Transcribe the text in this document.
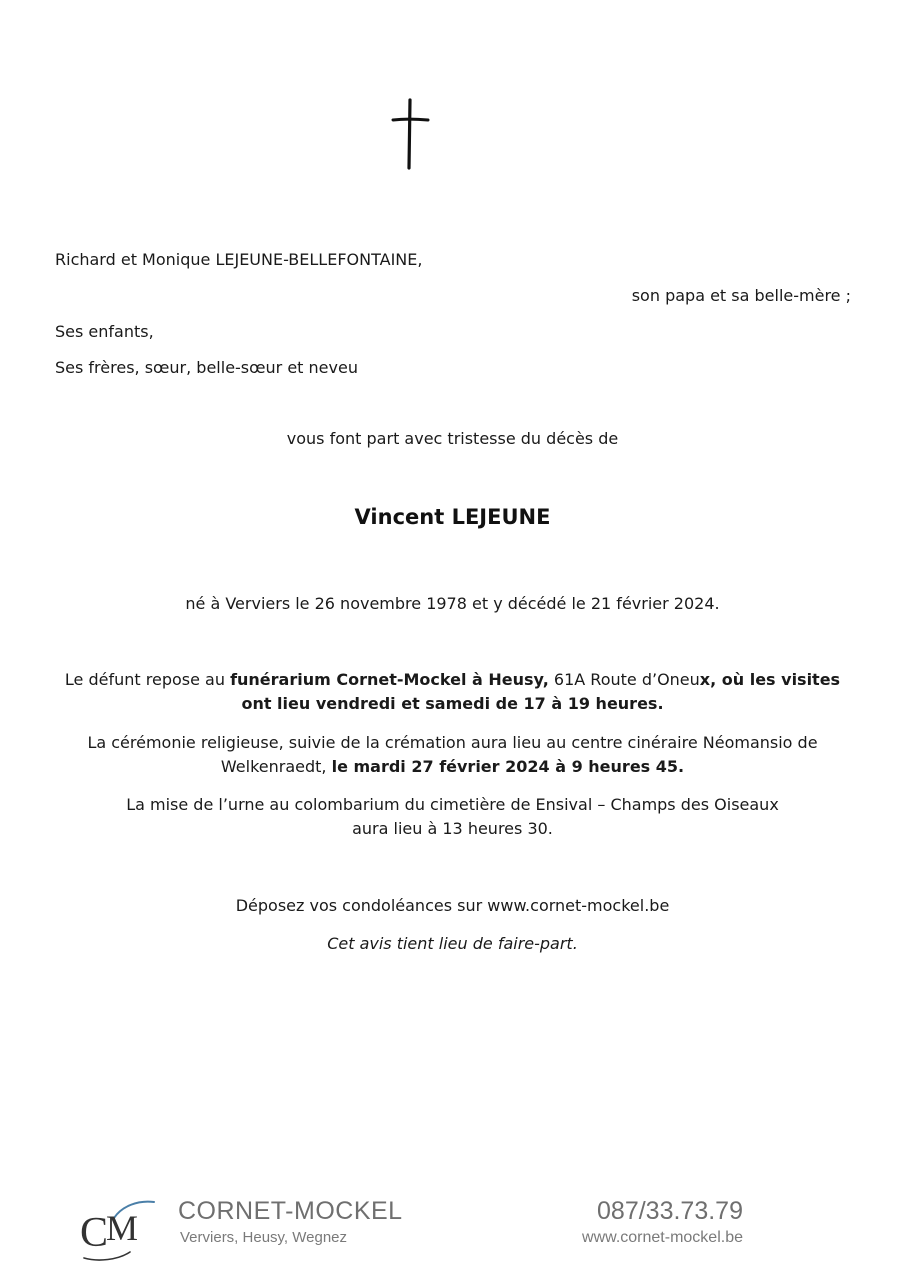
Richard et Monique LEJEUNE-BELLEFONTAINE,
son papa et sa belle-mère ;
Ses enfants,
Ses frères, sœur, belle-sœur et neveu
vous font part avec tristesse du décès de
Vincent LEJEUNE
né à Verviers le 26 novembre 1978 et y décédé le 21 février 2024.
Le défunt repose au funérarium Cornet-Mockel à Heusy, 61A Route d’Oneux, où les visites ont lieu vendredi et samedi de 17 à 19 heures.
La cérémonie religieuse, suivie de la crémation aura lieu au centre cinéraire Néomansio de Welkenraedt, le mardi 27 février 2024 à 9 heures 45.
La mise de l’urne au colombarium du cimetière de Ensival – Champs des Oiseaux
aura lieu à 13 heures 30.
Déposez vos condoléances sur www.cornet-mockel.be
Cet avis tient lieu de faire-part.
C
M CORNET-MOCKEL
Verviers, Heusy, Wegnez
087/33.73.79
www.cornet-mockel.be
